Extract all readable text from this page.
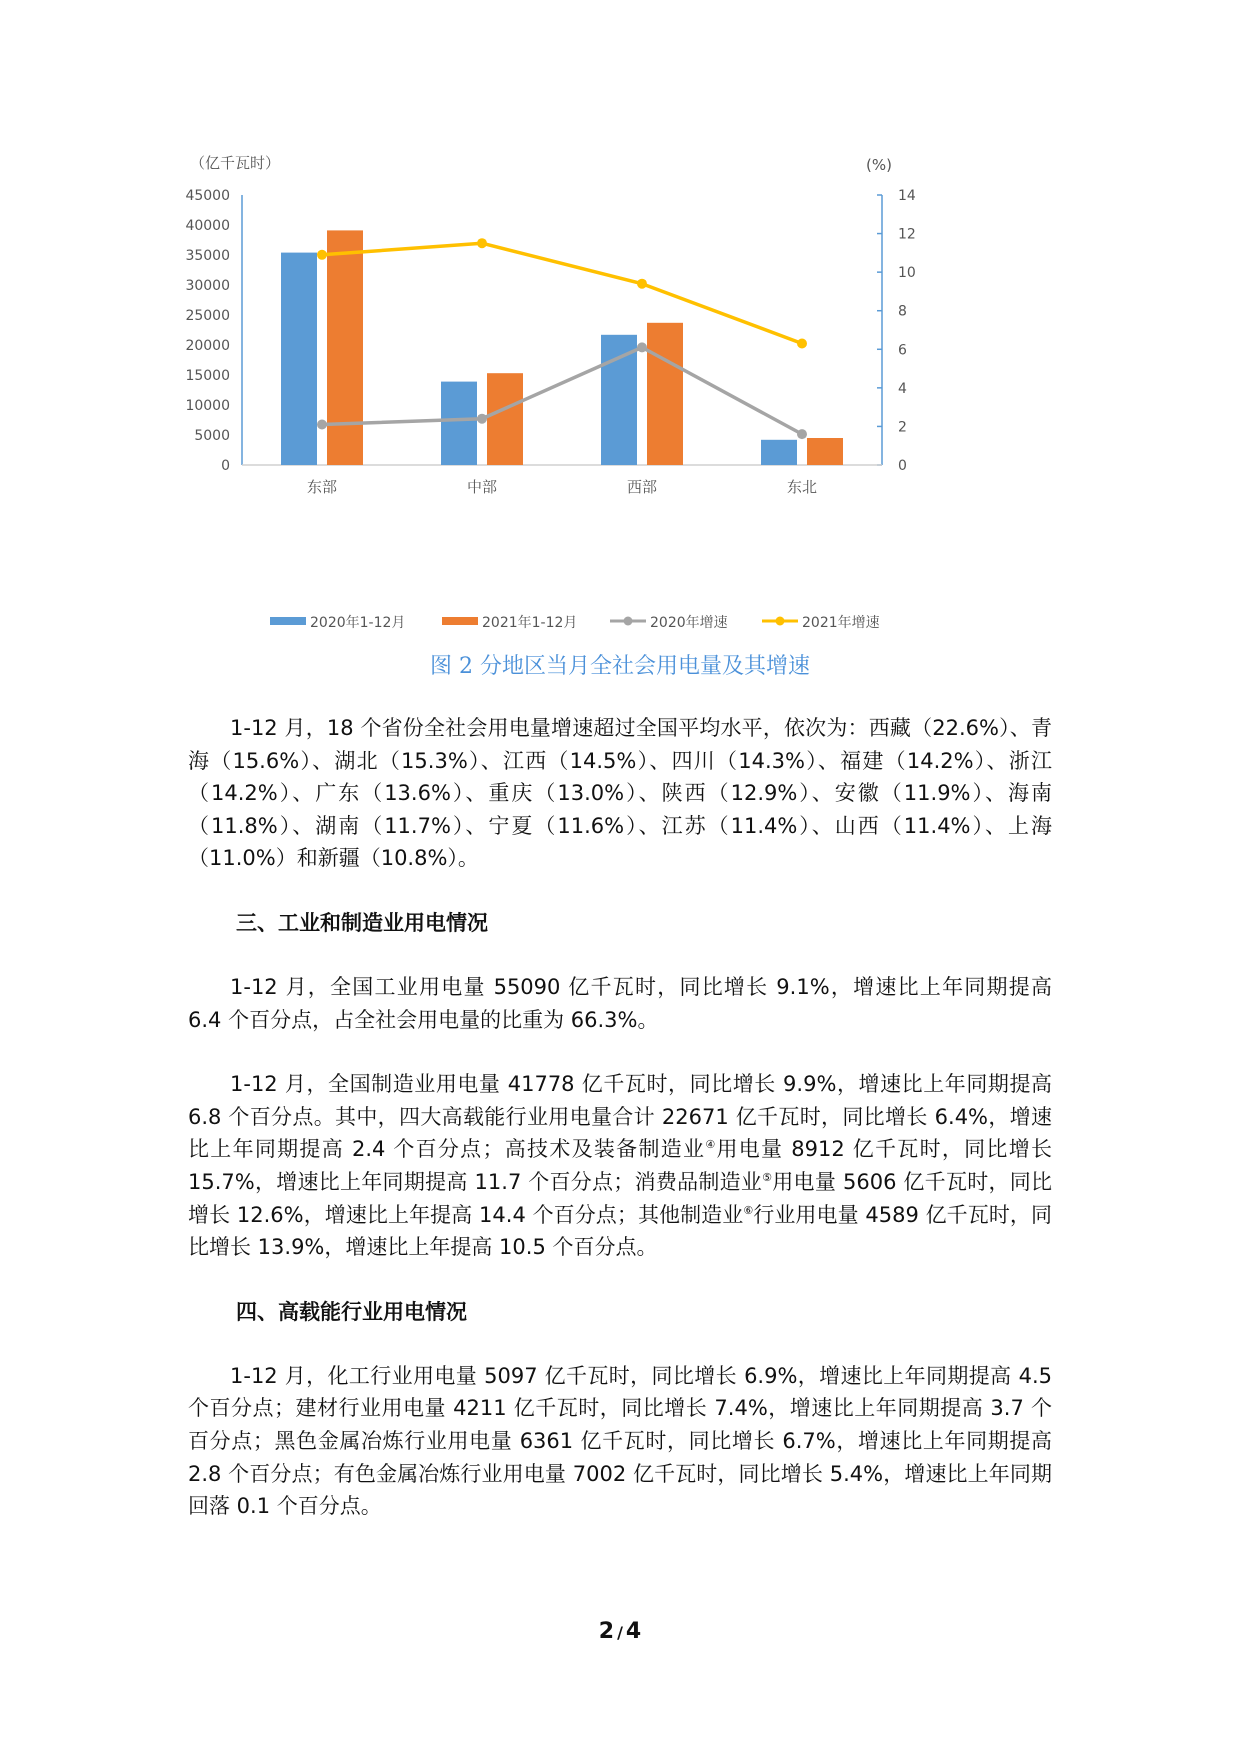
（亿千瓦时）	(%)
0
5000
10000
15000
20000
25000
30000
35000
40000
45000
0
2
4
6
8
10
12
14
东部	中部	西部	东北
2020年1-12月	2021年1-12月	2020年增速	2021年增速
图 2 分地区当月全社会用电量及其增速

1-12 月，18 个省份全社会用电量增速超过全国平均水平，依次为：西藏（22.6%）、青海（15.6%）、湖北（15.3%）、江西（14.5%）、四川（14.3%）、福建（14.2%）、浙江（14.2%）、广东（13.6%）、重庆（13.0%）、陕西（12.9%）、安徽（11.9%）、海南（11.8%）、湖南（11.7%）、宁夏（11.6%）、江苏（11.4%）、山西（11.4%）、上海（11.0%）和新疆（10.8%）。

三、工业和制造业用电情况

1-12 月，全国工业用电量 55090 亿千瓦时，同比增长 9.1%，增速比上年同期提高 6.4 个百分点，占全社会用电量的比重为 66.3%。

1-12 月，全国制造业用电量 41778 亿千瓦时，同比增长 9.9%，增速比上年同期提高 6.8 个百分点。其中，四大高载能行业用电量合计 22671 亿千瓦时，同比增长 6.4%，增速比上年同期提高 2.4 个百分点；高技术及装备制造业④用电量 8912 亿千瓦时，同比增长 15.7%，增速比上年同期提高 11.7 个百分点；消费品制造业⑤用电量 5606 亿千瓦时，同比增长 12.6%，增速比上年提高 14.4 个百分点；其他制造业⑥行业用电量 4589 亿千瓦时，同比增长 13.9%，增速比上年提高 10.5 个百分点。

四、高载能行业用电情况

1-12 月，化工行业用电量 5097 亿千瓦时，同比增长 6.9%，增速比上年同期提高 4.5 个百分点；建材行业用电量 4211 亿千瓦时，同比增长 7.4%，增速比上年同期提高 3.7 个百分点；黑色金属冶炼行业用电量 6361 亿千瓦时，同比增长 6.7%，增速比上年同期提高 2.8 个百分点；有色金属冶炼行业用电量 7002 亿千瓦时，同比增长 5.4%，增速比上年同期回落 0.1 个百分点。

2 / 4
